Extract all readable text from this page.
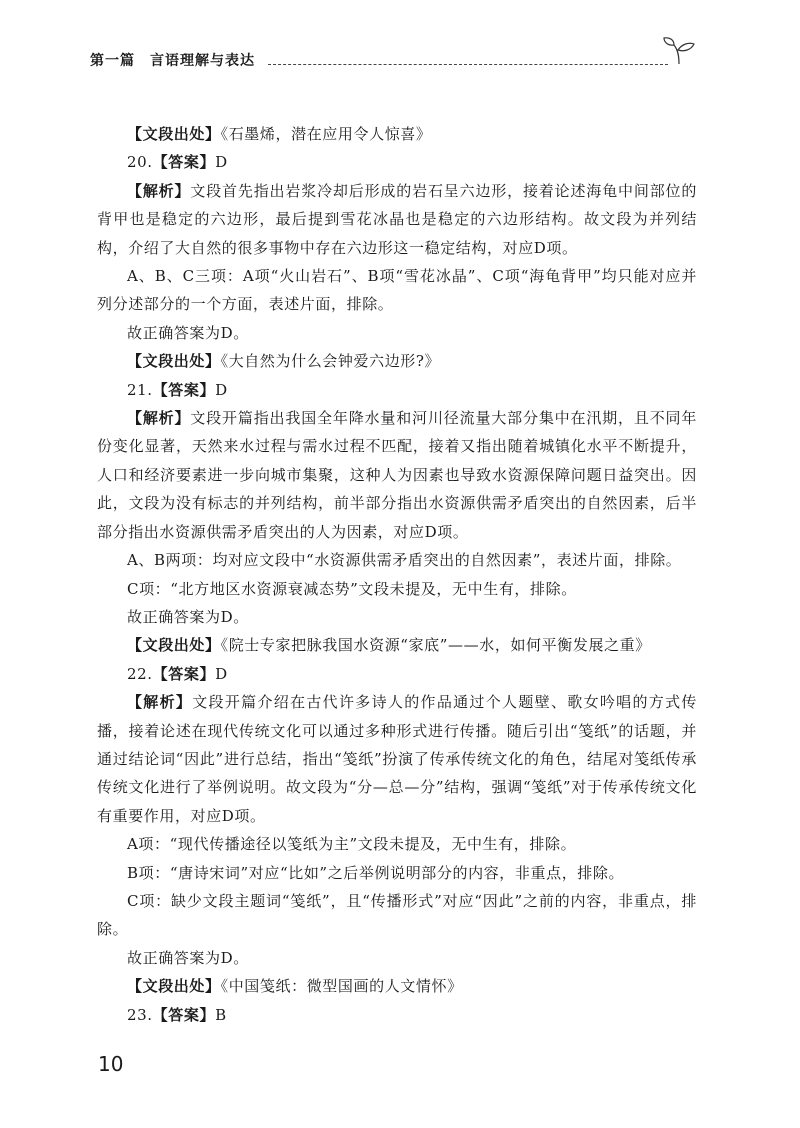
第一篇 言语理解与表达

【文段出处】《石墨烯，潜在应用令人惊喜》

20.【答案】D

【解析】文段首先指出岩浆冷却后形成的岩石呈六边形，接着论述海龟中间部位的背甲也是稳定的六边形，最后提到雪花冰晶也是稳定的六边形结构。故文段为并列结构，介绍了大自然的很多事物中存在六边形这一稳定结构，对应D项。

A、B、C三项：A项“火山岩石”、B项“雪花冰晶”、C项“海龟背甲”均只能对应并列分述部分的一个方面，表述片面，排除。

故正确答案为D。

【文段出处】《大自然为什么会钟爱六边形?》

21.【答案】D

【解析】文段开篇指出我国全年降水量和河川径流量大部分集中在汛期，且不同年份变化显著，天然来水过程与需水过程不匹配，接着又指出随着城镇化水平不断提升，人口和经济要素进一步向城市集聚，这种人为因素也导致水资源保障问题日益突出。因此，文段为没有标志的并列结构，前半部分指出水资源供需矛盾突出的自然因素，后半部分指出水资源供需矛盾突出的人为因素，对应D项。

A、B两项：均对应文段中“水资源供需矛盾突出的自然因素”，表述片面，排除。

C项：“北方地区水资源衰减态势”文段未提及，无中生有，排除。

故正确答案为D。

【文段出处】《院士专家把脉我国水资源“家底”——水，如何平衡发展之重》

22.【答案】D

【解析】文段开篇介绍在古代许多诗人的作品通过个人题壁、歌女吟唱的方式传播，接着论述在现代传统文化可以通过多种形式进行传播。随后引出“笺纸”的话题，并通过结论词“因此”进行总结，指出“笺纸”扮演了传承传统文化的角色，结尾对笺纸传承传统文化进行了举例说明。故文段为“分—总—分”结构，强调“笺纸”对于传承传统文化有重要作用，对应D项。

A项：“现代传播途径以笺纸为主”文段未提及，无中生有，排除。

B项：“唐诗宋词”对应“比如”之后举例说明部分的内容，非重点，排除。

C项：缺少文段主题词“笺纸”，且“传播形式”对应“因此”之前的内容，非重点，排除。

故正确答案为D。

【文段出处】《中国笺纸：微型国画的人文情怀》

23.【答案】B

10
